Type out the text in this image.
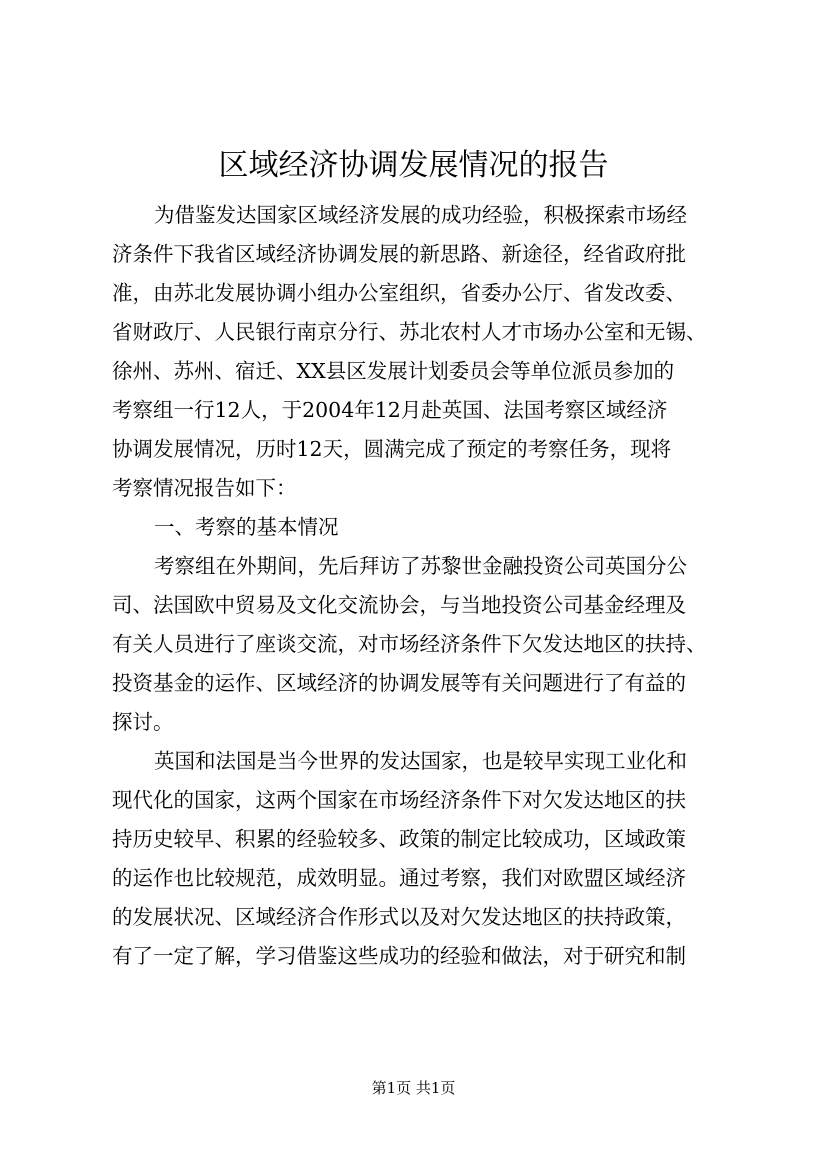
区域经济协调发展情况的报告
为借鉴发达国家区域经济发展的成功经验，积极探索市场经
济条件下我省区域经济协调发展的新思路、新途径，经省政府批
准，由苏北发展协调小组办公室组织，省委办公厅、省发改委、
省财政厅、人民银行南京分行、苏北农村人才市场办公室和无锡、
徐州、苏州、宿迁、XX县区发展计划委员会等单位派员参加的
考察组一行12人，于2004年12月赴英国、法国考察区域经济
协调发展情况，历时12天，圆满完成了预定的考察任务，现将
考察情况报告如下：
一、考察的基本情况
考察组在外期间，先后拜访了苏黎世金融投资公司英国分公
司、法国欧中贸易及文化交流协会，与当地投资公司基金经理及
有关人员进行了座谈交流，对市场经济条件下欠发达地区的扶持、
投资基金的运作、区域经济的协调发展等有关问题进行了有益的
探讨。
英国和法国是当今世界的发达国家，也是较早实现工业化和
现代化的国家，这两个国家在市场经济条件下对欠发达地区的扶
持历史较早、积累的经验较多、政策的制定比较成功，区域政策
的运作也比较规范，成效明显。通过考察，我们对欧盟区域经济
的发展状况、区域经济合作形式以及对欠发达地区的扶持政策，
有了一定了解，学习借鉴这些成功的经验和做法，对于研究和制
第1页 共1页
